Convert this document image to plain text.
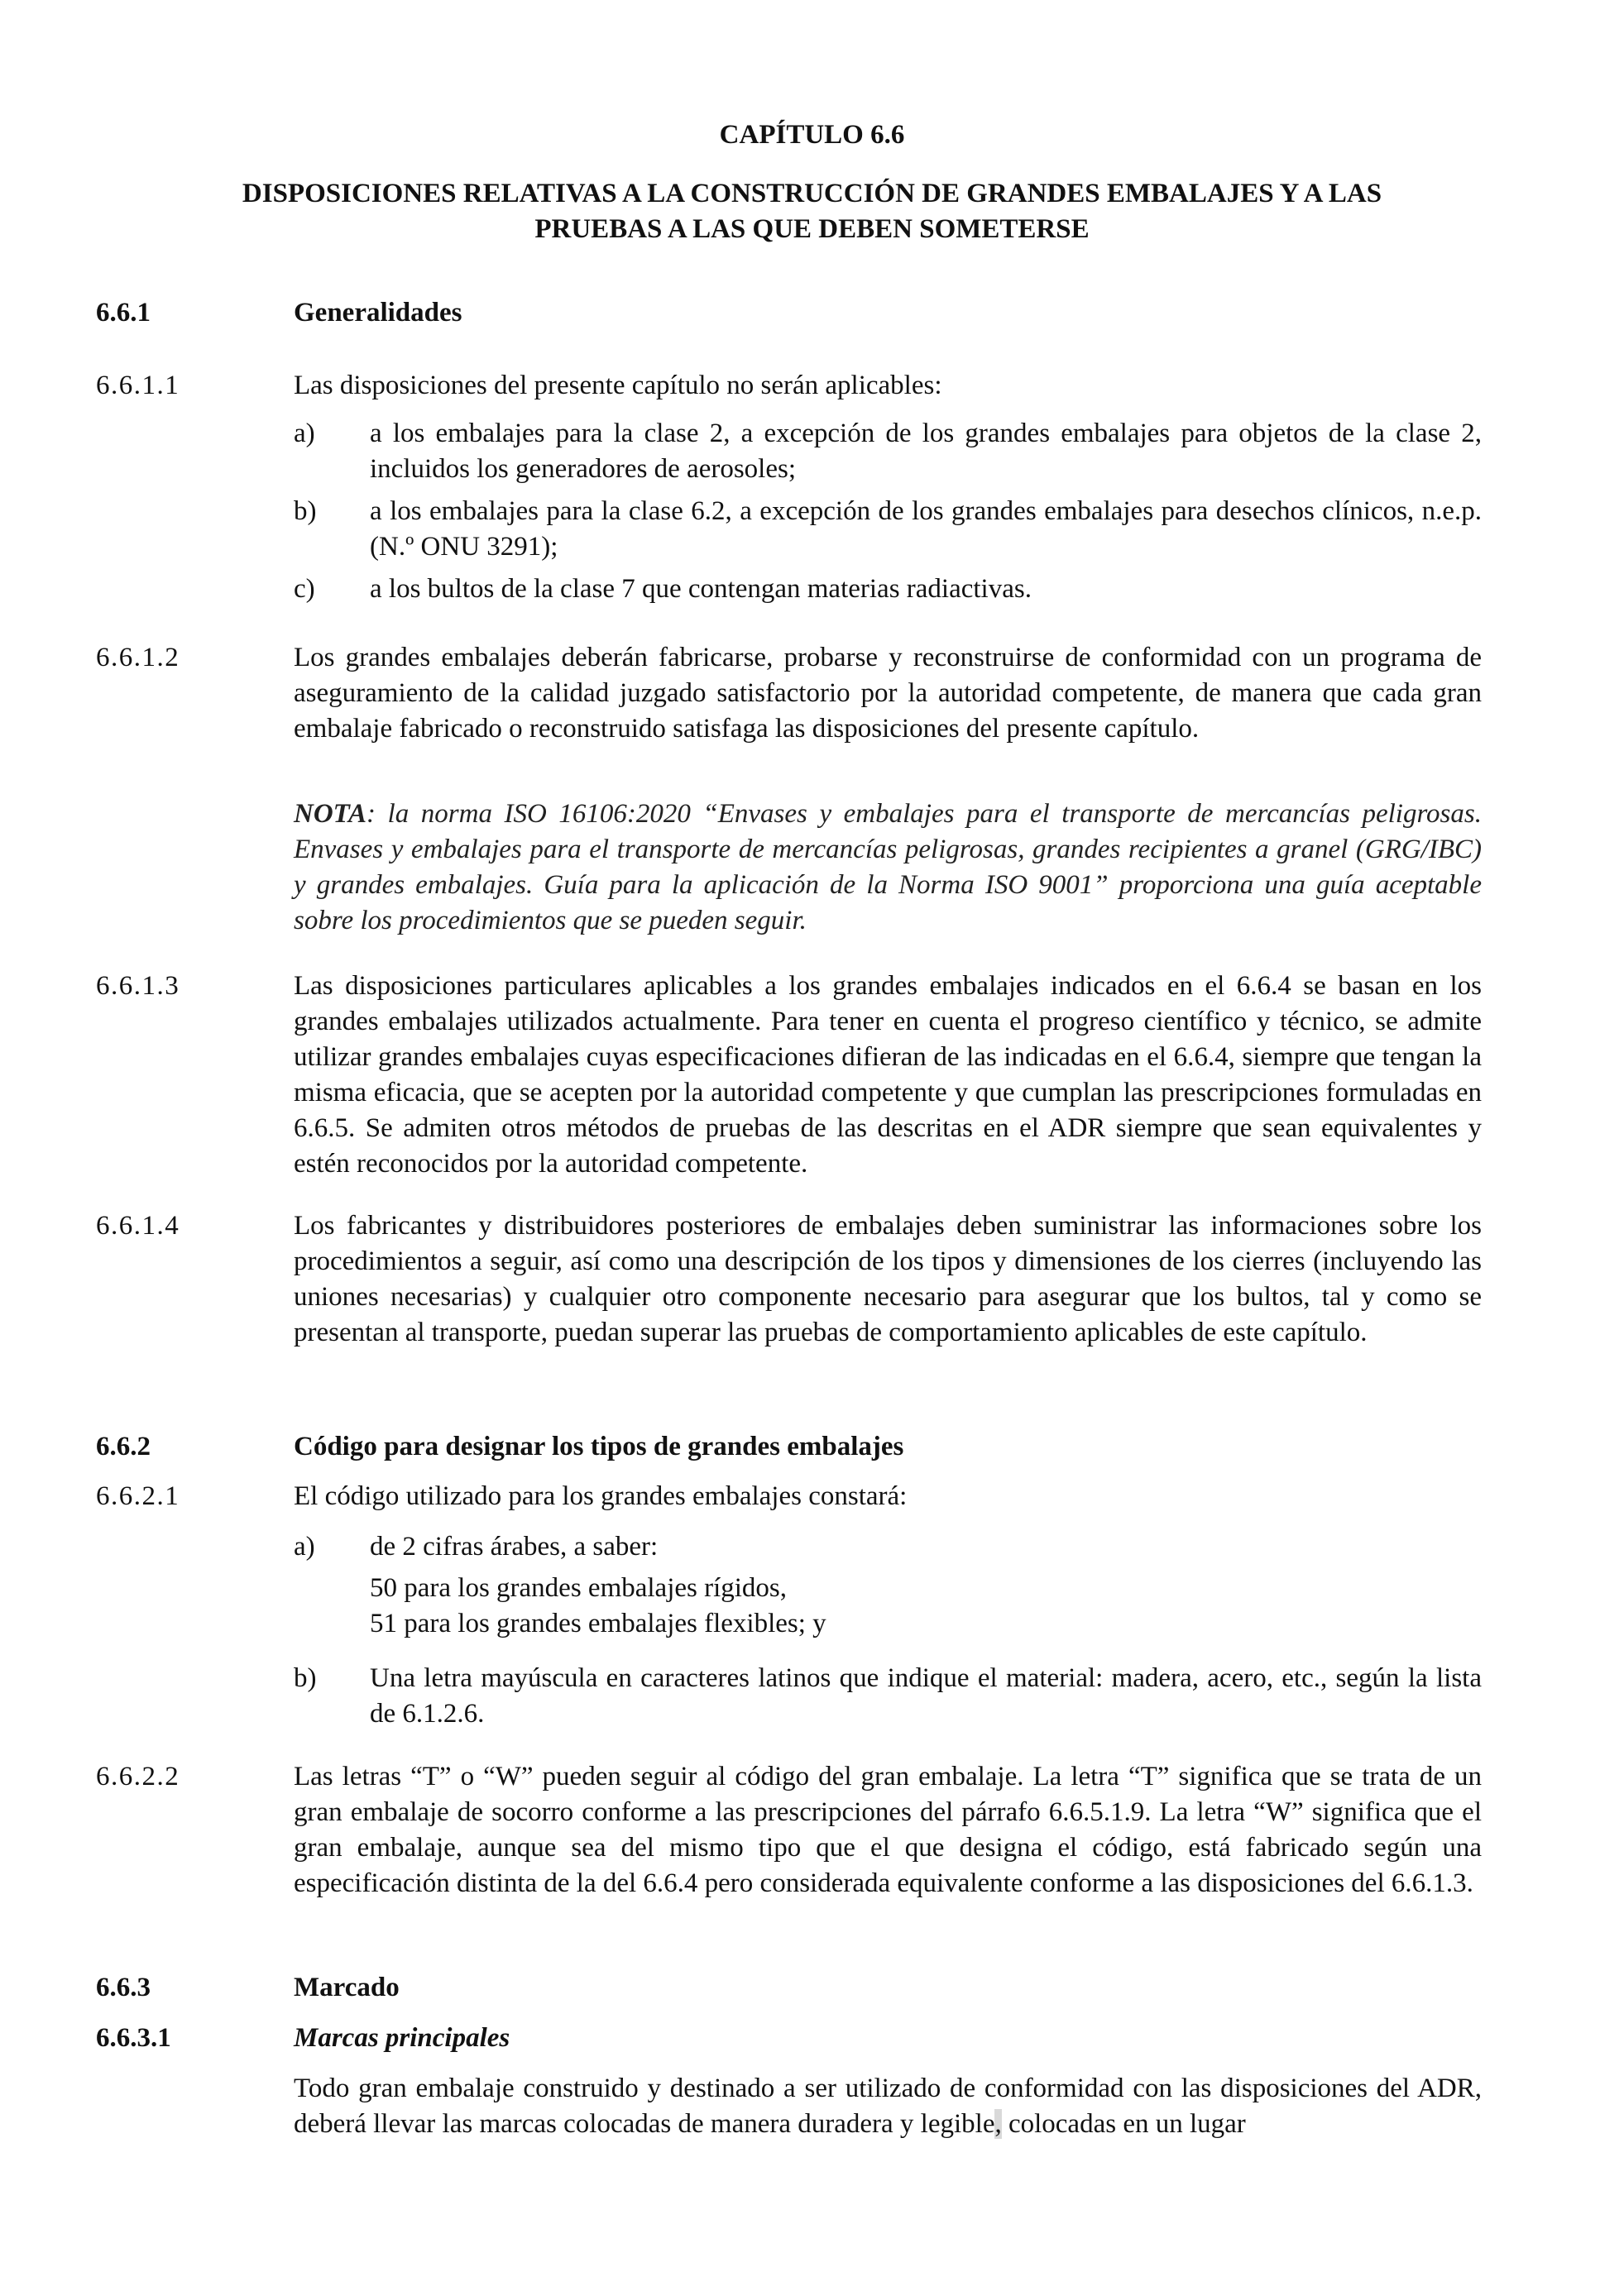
CAPÍTULO 6.6
DISPOSICIONES RELATIVAS A LA CONSTRUCCIÓN DE GRANDES EMBALAJES Y A LAS
PRUEBAS A LAS QUE DEBEN SOMETERSE
6.6.1	Generalidades
6.6.1.1	Las disposiciones del presente capítulo no serán aplicables:
a) a los embalajes para la clase 2, a excepción de los grandes embalajes para objetos de la clase 2, incluidos los generadores de aerosoles;
b) a los embalajes para la clase 6.2, a excepción de los grandes embalajes para desechos clínicos, n.e.p. (N.º ONU 3291);
c) a los bultos de la clase 7 que contengan materias radiactivas.
6.6.1.2	Los grandes embalajes deberán fabricarse, probarse y reconstruirse de conformidad con un programa de aseguramiento de la calidad juzgado satisfactorio por la autoridad competente, de manera que cada gran embalaje fabricado o reconstruido satisfaga las disposiciones del presente capítulo.
NOTA: la norma ISO 16106:2020 “Envases y embalajes para el transporte de mercancías peligrosas. Envases y embalajes para el transporte de mercancías peligrosas, grandes recipientes a granel (GRG/IBC) y grandes embalajes. Guía para la aplicación de la Norma ISO 9001” proporciona una guía aceptable sobre los procedimientos que se pueden seguir.
6.6.1.3	Las disposiciones particulares aplicables a los grandes embalajes indicados en el 6.6.4 se basan en los grandes embalajes utilizados actualmente. Para tener en cuenta el progreso científico y técnico, se admite utilizar grandes embalajes cuyas especificaciones difieran de las indicadas en el 6.6.4, siempre que tengan la misma eficacia, que se acepten por la autoridad competente y que cumplan las prescripciones formuladas en 6.6.5. Se admiten otros métodos de pruebas de las descritas en el ADR siempre que sean equivalentes y estén reconocidos por la autoridad competente.
6.6.1.4	Los fabricantes y distribuidores posteriores de embalajes deben suministrar las informaciones sobre los procedimientos a seguir, así como una descripción de los tipos y dimensiones de los cierres (incluyendo las uniones necesarias) y cualquier otro componente necesario para asegurar que los bultos, tal y como se presentan al transporte, puedan superar las pruebas de comportamiento aplicables de este capítulo.
6.6.2	Código para designar los tipos de grandes embalajes
6.6.2.1	El código utilizado para los grandes embalajes constará:
a) de 2 cifras árabes, a saber:
50 para los grandes embalajes rígidos,
51 para los grandes embalajes flexibles; y
b) Una letra mayúscula en caracteres latinos que indique el material: madera, acero, etc., según la lista de 6.1.2.6.
6.6.2.2	Las letras “T” o “W” pueden seguir al código del gran embalaje. La letra “T” significa que se trata de un gran embalaje de socorro conforme a las prescripciones del párrafo 6.6.5.1.9. La letra “W” significa que el gran embalaje, aunque sea del mismo tipo que el que designa el código, está fabricado según una especificación distinta de la del 6.6.4 pero considerada equivalente conforme a las disposiciones del 6.6.1.3.
6.6.3	Marcado
6.6.3.1	Marcas principales
Todo gran embalaje construido y destinado a ser utilizado de conformidad con las disposiciones del ADR, deberá llevar las marcas colocadas de manera duradera y legible, colocadas en un lugar
